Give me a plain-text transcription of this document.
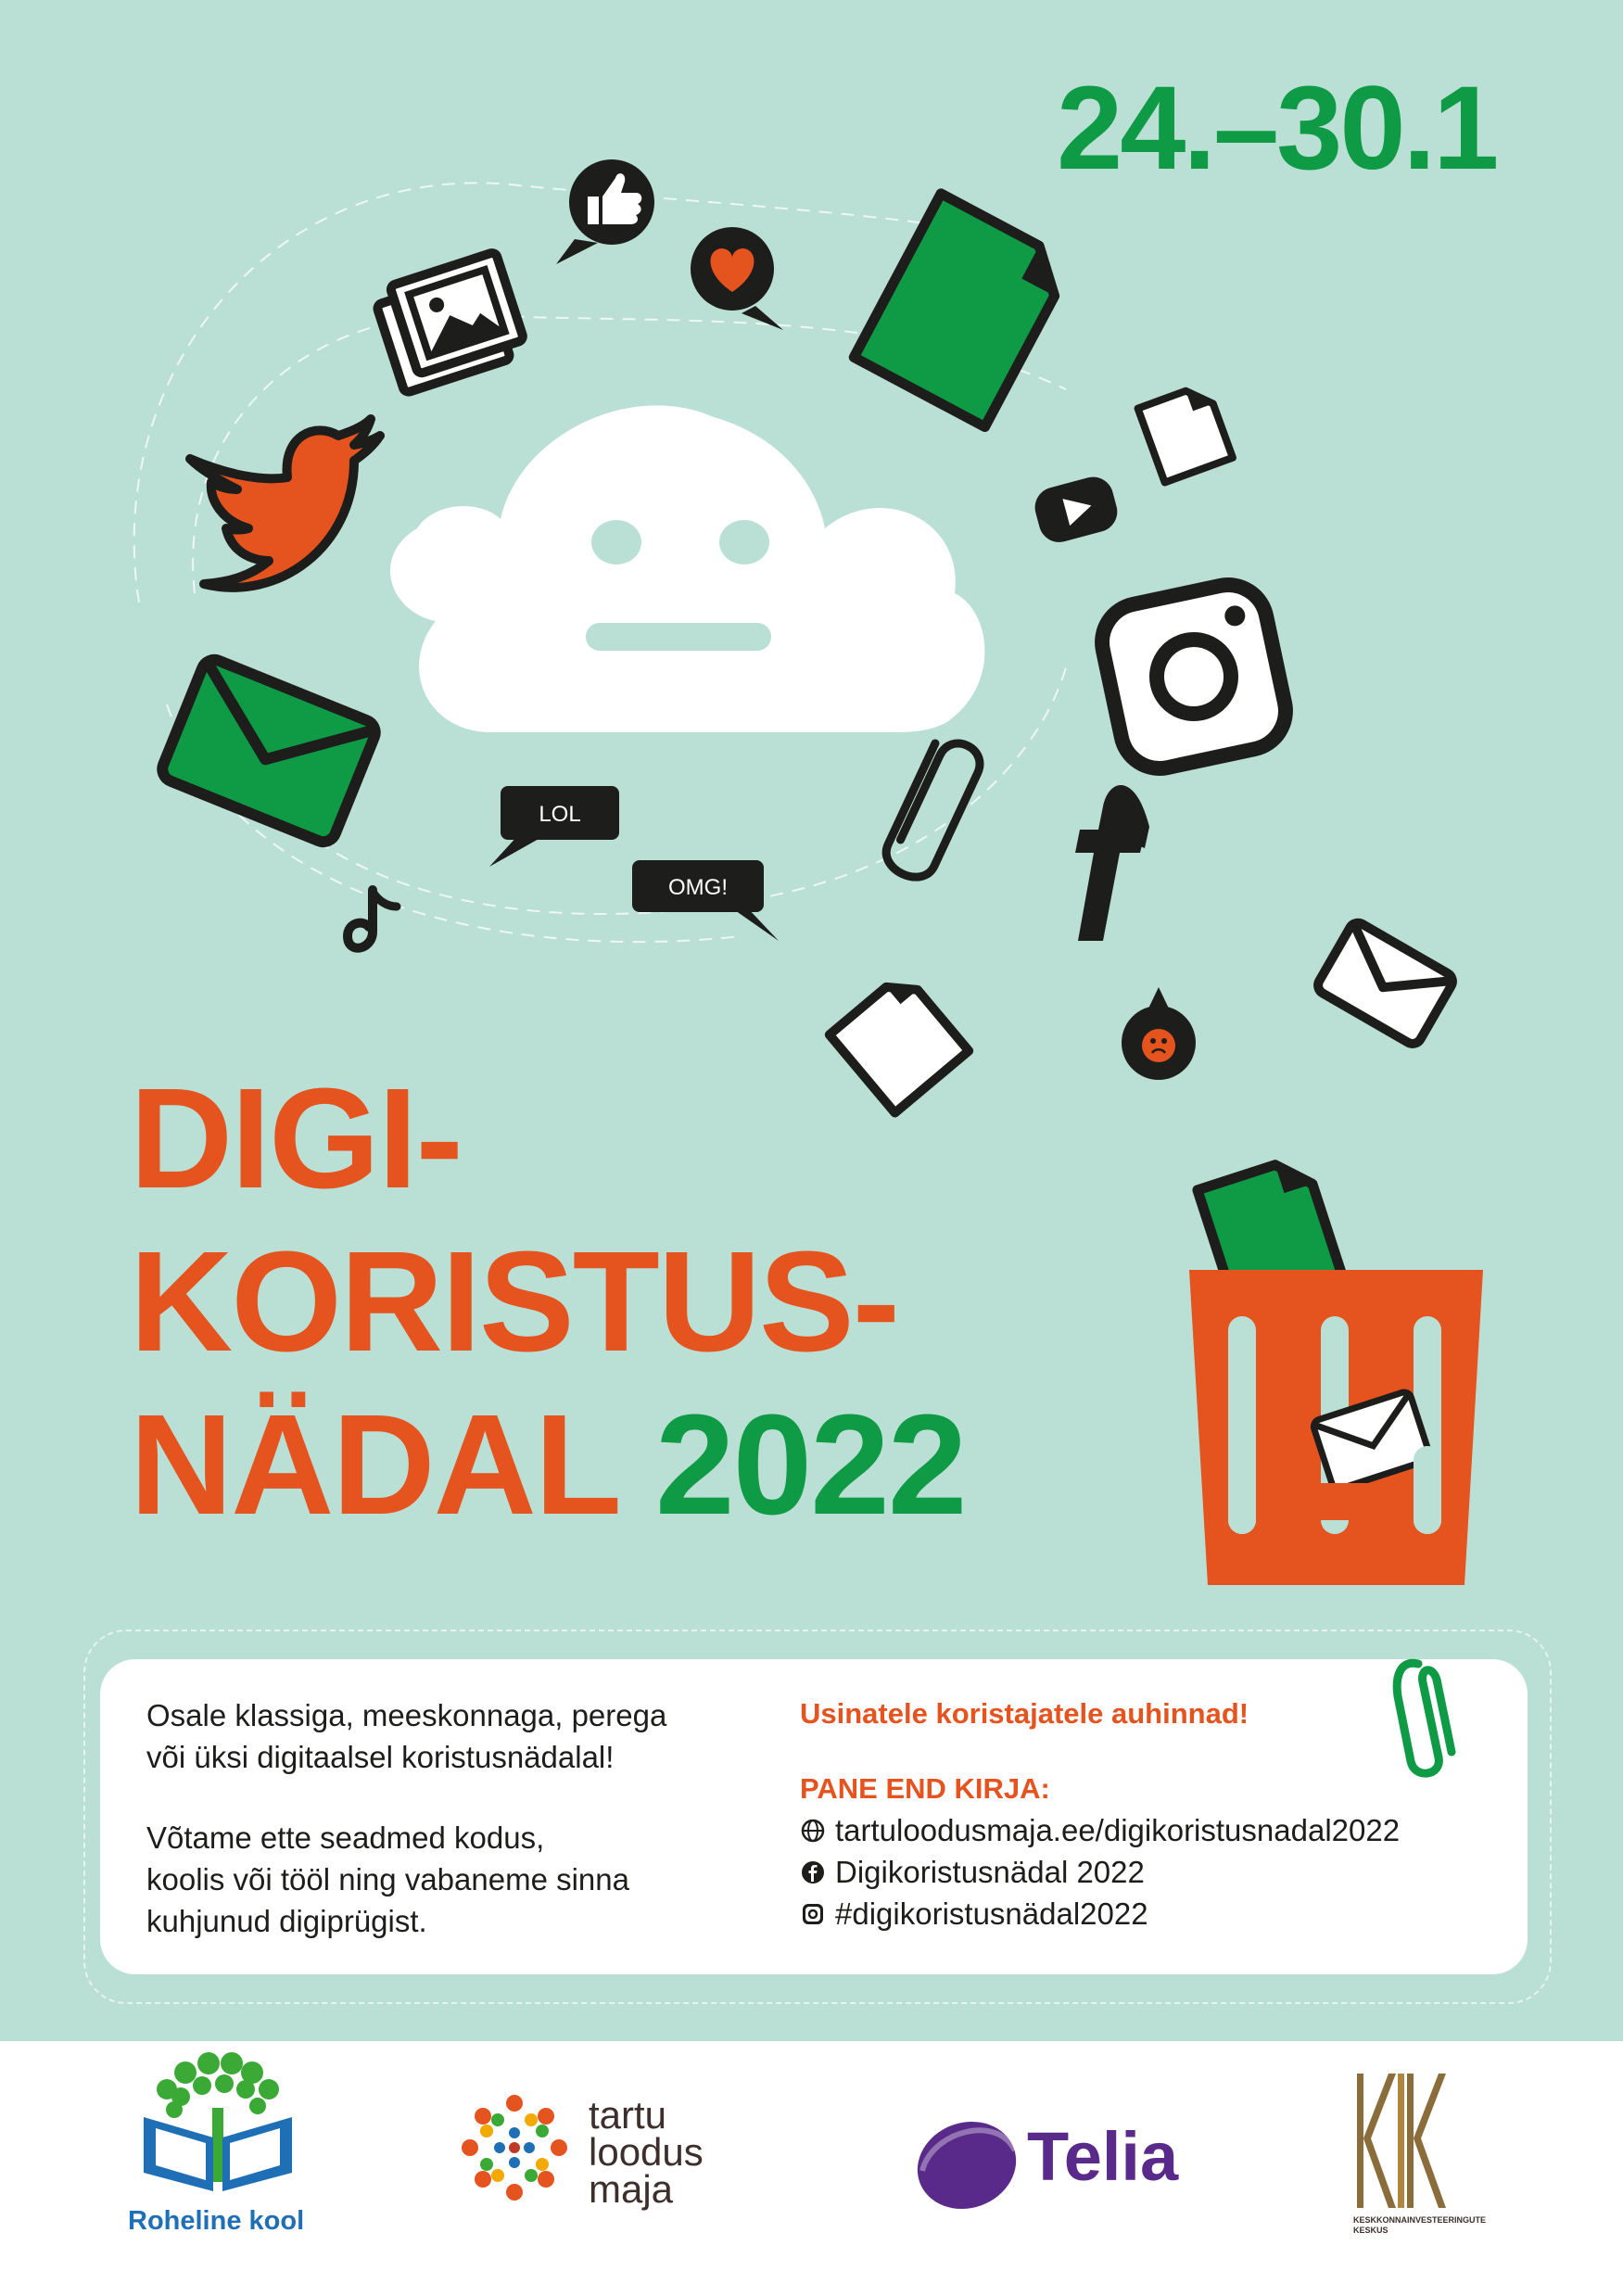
LOL
OMG!
24.–30.1
DIGI-
KORISTUS-
NÄDAL 2022

Osale klassiga, meeskonnaga, perega
või üksi digitaalsel koristusnädalal!

Võtame ette seadmed kodus,
koolis või tööl ning vabaneme sinna
kuhjunud digiprügist.

Usinatele koristajatele auhinnad!
PANE END KIRJA:
tartuloodusmaja.ee/digikoristusnadal2022
Digikoristusnädal 2022
#digikoristusnädal2022
Roheline kool
tartu
loodus
maja	Telia
KESKKONNAINVESTEERINGUTE
KESKUS
